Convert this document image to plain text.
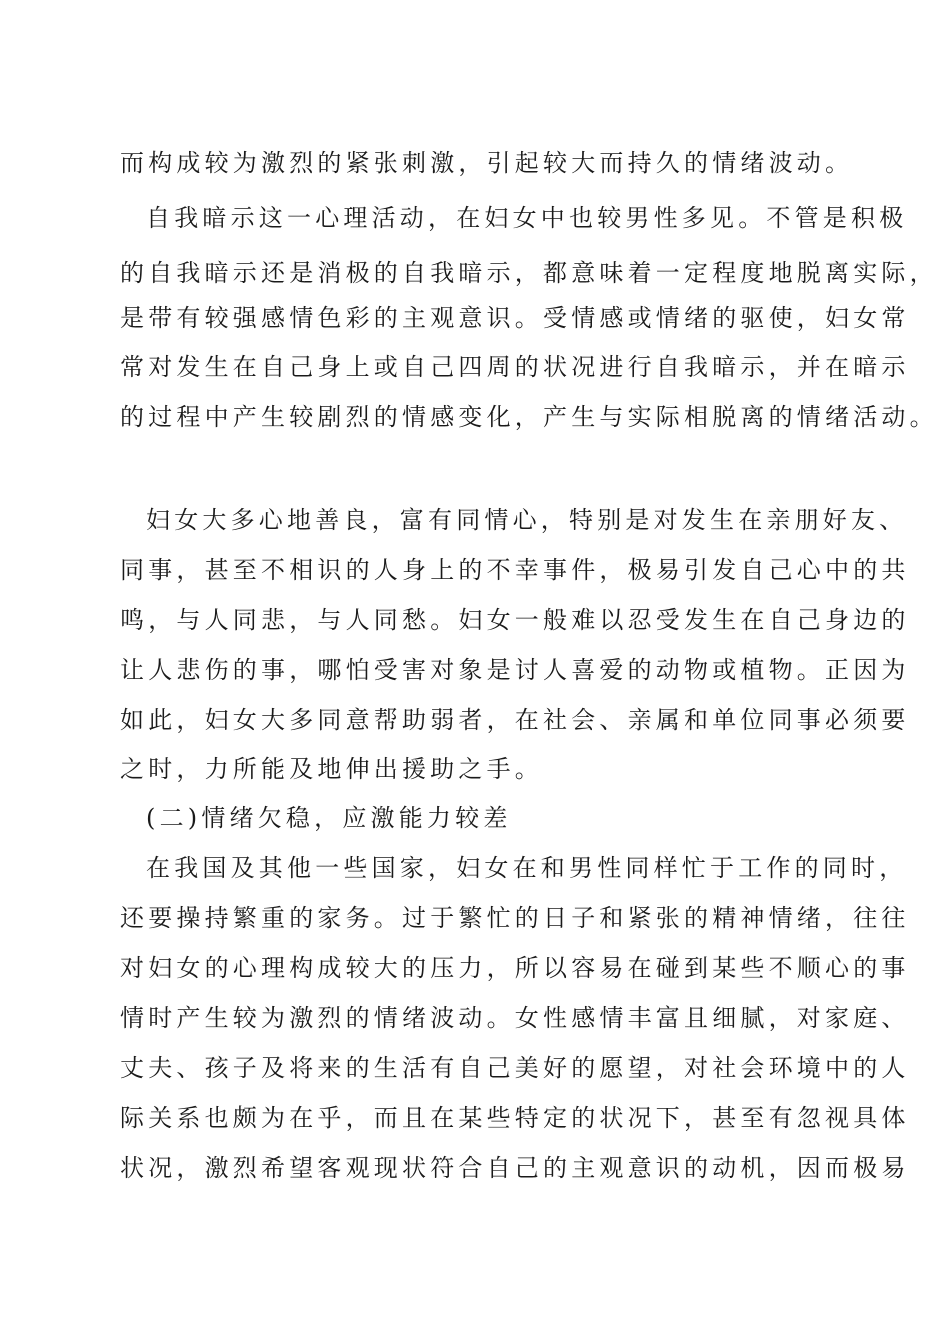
而构成较为激烈的紧张刺激，引起较大而持久的情绪波动。
自我暗示这一心理活动，在妇女中也较男性多见。不管是积极
的自我暗示还是消极的自我暗示，都意味着一定程度地脱离实际，
是带有较强感情色彩的主观意识。受情感或情绪的驱使，妇女常
常对发生在自己身上或自己四周的状况进行自我暗示，并在暗示
的过程中产生较剧烈的情感变化，产生与实际相脱离的情绪活动。
妇女大多心地善良，富有同情心，特别是对发生在亲朋好友、
同事，甚至不相识的人身上的不幸事件，极易引发自己心中的共
鸣，与人同悲，与人同愁。妇女一般难以忍受发生在自己身边的
让人悲伤的事，哪怕受害对象是讨人喜爱的动物或植物。正因为
如此，妇女大多同意帮助弱者，在社会、亲属和单位同事必须要
之时，力所能及地伸出援助之手。
(二)情绪欠稳，应激能力较差
在我国及其他一些国家，妇女在和男性同样忙于工作的同时，
还要操持繁重的家务。过于繁忙的日子和紧张的精神情绪，往往
对妇女的心理构成较大的压力，所以容易在碰到某些不顺心的事
情时产生较为激烈的情绪波动。女性感情丰富且细腻，对家庭、
丈夫、孩子及将来的生活有自己美好的愿望，对社会环境中的人
际关系也颇为在乎，而且在某些特定的状况下，甚至有忽视具体
状况，激烈希望客观现状符合自己的主观意识的动机，因而极易
